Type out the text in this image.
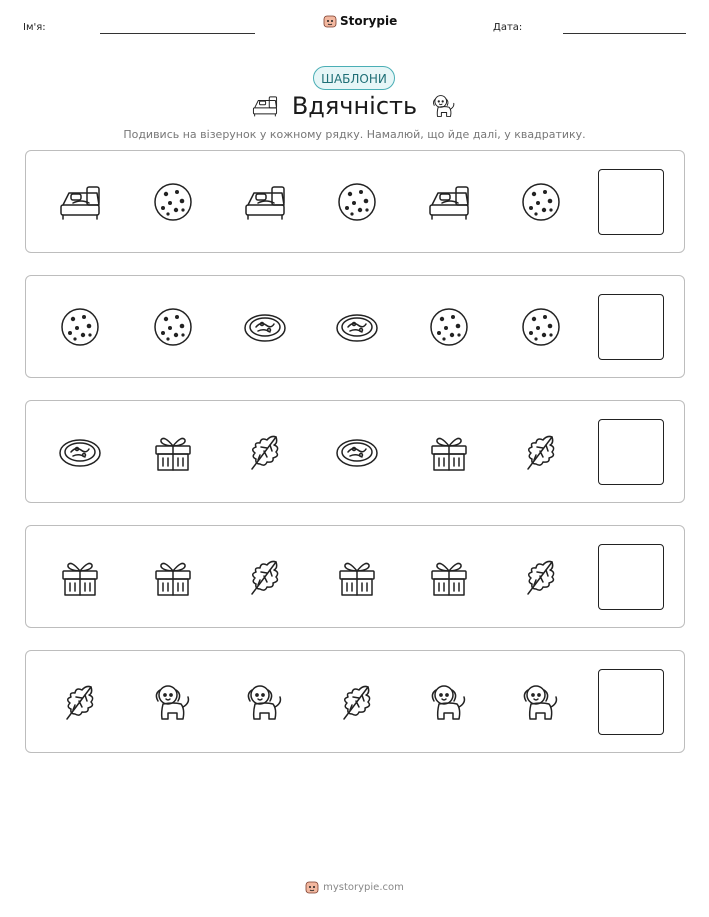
Ім'я:	Storypie	Дата:
ШАБЛОНИ
Вдячність
Подивись на візерунок у кожному рядку. Намалюй, що йде далі, у квадратику.
mystorypie.com
